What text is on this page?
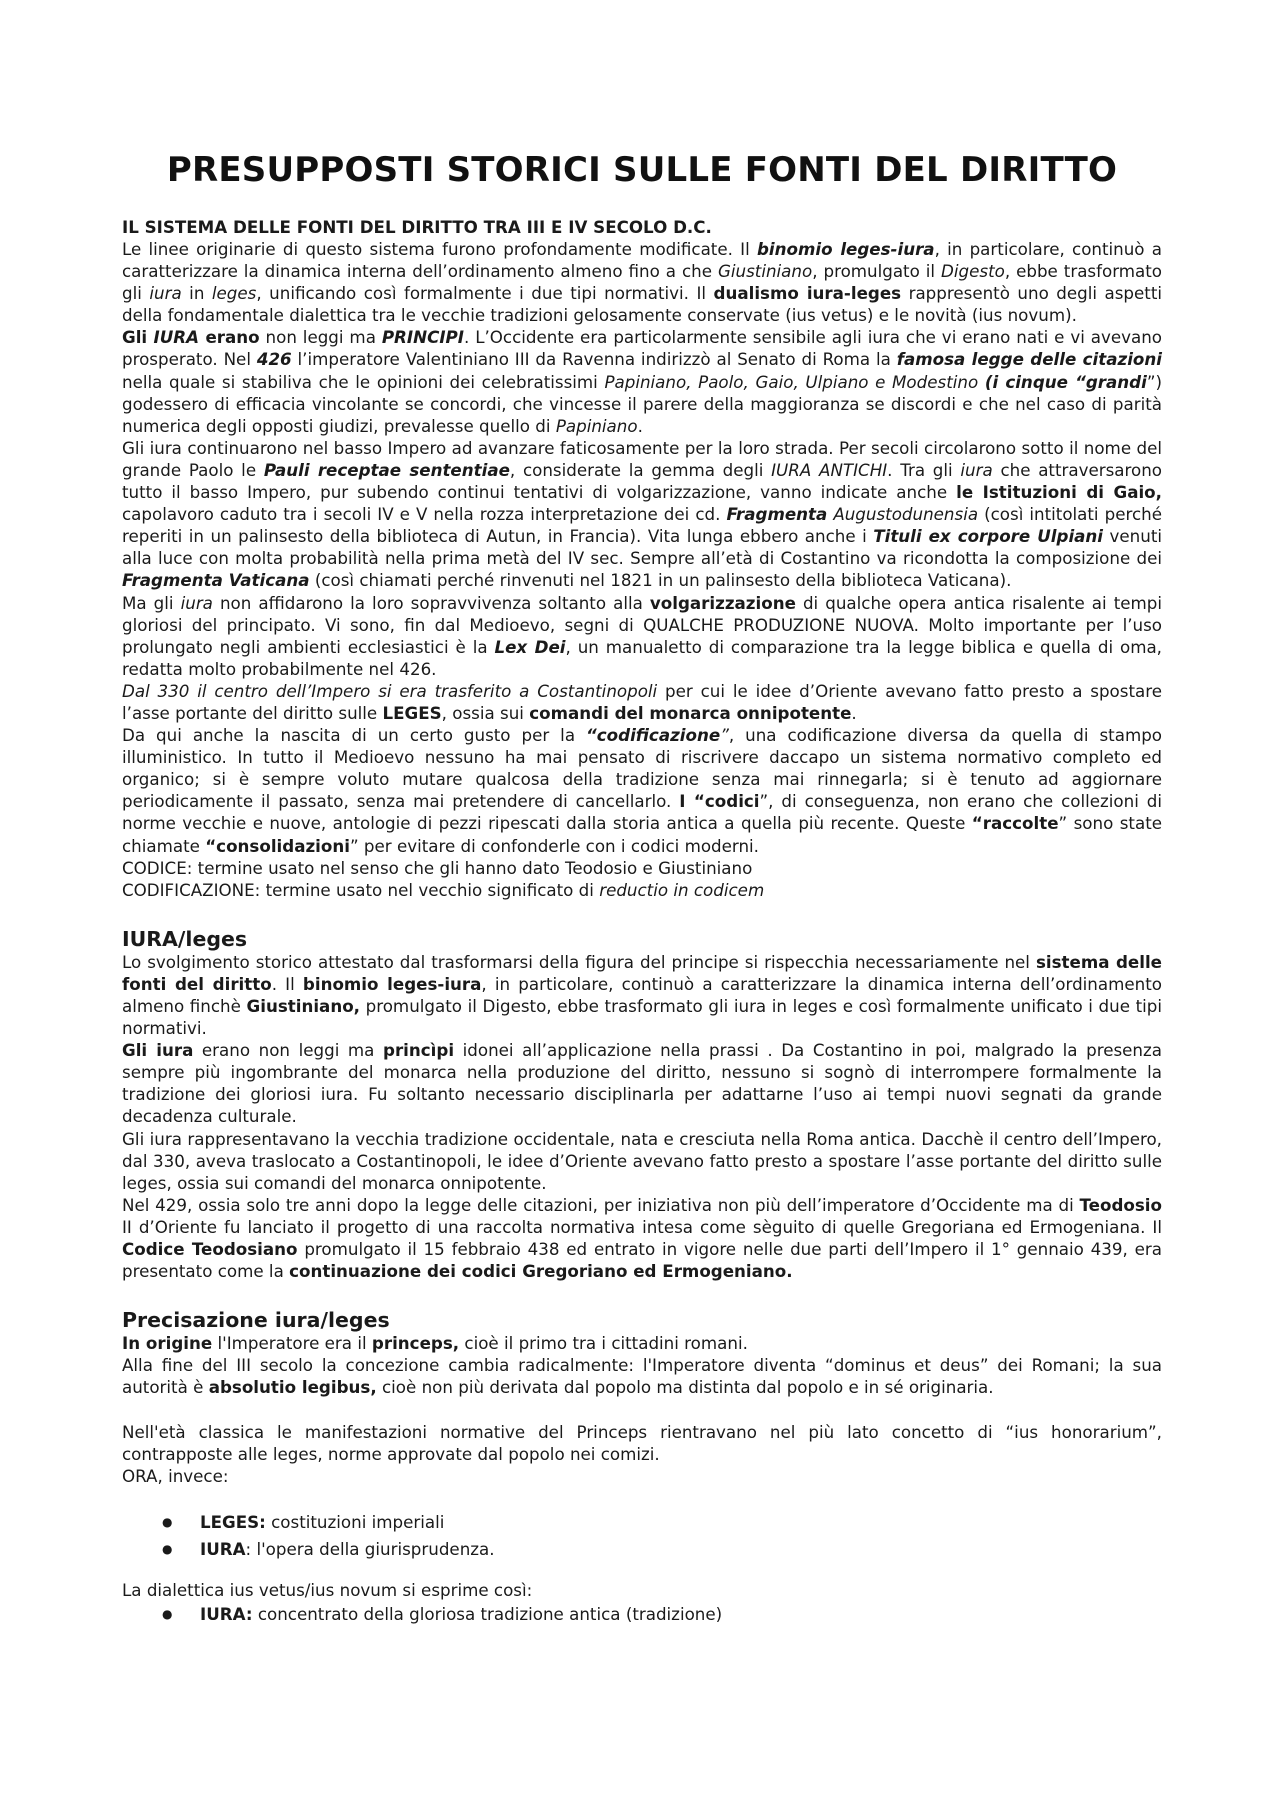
PRESUPPOSTI STORICI SULLE FONTI DEL DIRITTO
IL SISTEMA DELLE FONTI DEL DIRITTO TRA III E IV SECOLO D.C.

Le linee originarie di questo sistema furono profondamente modificate. Il binomio leges-iura, in particolare, continuò a caratterizzare la dinamica interna dell’ordinamento almeno fino a che Giustiniano, promulgato il Digesto, ebbe trasformato gli iura in leges, unificando così formalmente i due tipi normativi. Il dualismo iura-leges rappresentò uno degli aspetti della fondamentale dialettica tra le vecchie tradizioni gelosamente conservate (ius vetus) e le novità (ius novum).

Gli IURA erano non leggi ma PRINCIPI. L’Occidente era particolarmente sensibile agli iura che vi erano nati e vi avevano prosperato. Nel 426 l’imperatore Valentiniano III da Ravenna indirizzò al Senato di Roma la famosa legge delle citazioni nella quale si stabiliva che le opinioni dei celebratissimi Papiniano, Paolo, Gaio, Ulpiano e Modestino (i cinque “grandi”) godessero di efficacia vincolante se concordi, che vincesse il parere della maggioranza se discordi e che nel caso di parità numerica degli opposti giudizi, prevalesse quello di Papiniano.

Gli iura continuarono nel basso Impero ad avanzare faticosamente per la loro strada. Per secoli circolarono sotto il nome del grande Paolo le Pauli receptae sententiae, considerate la gemma degli IURA ANTICHI. Tra gli iura che attraversarono tutto il basso Impero, pur subendo continui tentativi di volgarizzazione, vanno indicate anche le Istituzioni di Gaio, capolavoro caduto tra i secoli IV e V nella rozza interpretazione dei cd. Fragmenta Augustodunensia (così intitolati perché reperiti in un palinsesto della biblioteca di Autun, in Francia). Vita lunga ebbero anche i Tituli ex corpore Ulpiani venuti alla luce con molta probabilità nella prima metà del IV sec. Sempre all’età di Costantino va ricondotta la composizione dei Fragmenta Vaticana (così chiamati perché rinvenuti nel 1821 in un palinsesto della biblioteca Vaticana).

Ma gli iura non affidarono la loro sopravvivenza soltanto alla volgarizzazione di qualche opera antica risalente ai tempi gloriosi del principato. Vi sono, fin dal Medioevo, segni di QUALCHE PRODUZIONE NUOVA. Molto importante per l’uso prolungato negli ambienti ecclesiastici è la Lex Dei, un manualetto di comparazione tra la legge biblica e quella di oma, redatta molto probabilmente nel 426.

Dal 330 il centro dell’Impero si era trasferito a Costantinopoli per cui le idee d’Oriente avevano fatto presto a spostare l’asse portante del diritto sulle LEGES, ossia sui comandi del monarca onnipotente.

Da qui anche la nascita di un certo gusto per la “codificazione”, una codificazione diversa da quella di stampo illuministico. In tutto il Medioevo nessuno ha mai pensato di riscrivere daccapo un sistema normativo completo ed organico; si è sempre voluto mutare qualcosa della tradizione senza mai rinnegarla; si è tenuto ad aggiornare periodicamente il passato, senza mai pretendere di cancellarlo. I “codici”, di conseguenza, non erano che collezioni di norme vecchie e nuove, antologie di pezzi ripescati dalla storia antica a quella più recente. Queste “raccolte” sono state chiamate “consolidazioni” per evitare di confonderle con i codici moderni.

CODICE: termine usato nel senso che gli hanno dato Teodosio e Giustiniano

CODIFICAZIONE: termine usato nel vecchio significato di reductio in codicem

IURA/leges

Lo svolgimento storico attestato dal trasformarsi della figura del principe si rispecchia necessariamente nel sistema delle fonti del diritto. Il binomio leges-iura, in particolare, continuò a caratterizzare la dinamica interna dell’ordinamento almeno finchè Giustiniano, promulgato il Digesto, ebbe trasformato gli iura in leges e così formalmente unificato i due tipi normativi.

Gli iura erano non leggi ma princìpi idonei all’applicazione nella prassi . Da Costantino in poi, malgrado la presenza sempre più ingombrante del monarca nella produzione del diritto, nessuno si sognò di interrompere formalmente la tradizione dei gloriosi iura. Fu soltanto necessario disciplinarla per adattarne l’uso ai tempi nuovi segnati da grande decadenza culturale.

Gli iura rappresentavano la vecchia tradizione occidentale, nata e cresciuta nella Roma antica. Dacchè il centro dell’Impero, dal 330, aveva traslocato a Costantinopoli, le idee d’Oriente avevano fatto presto a spostare l’asse portante del diritto sulle leges, ossia sui comandi del monarca onnipotente.

Nel 429, ossia solo tre anni dopo la legge delle citazioni, per iniziativa non più dell’imperatore d’Occidente ma di Teodosio II d’Oriente fu lanciato il progetto di una raccolta normativa intesa come sèguito di quelle Gregoriana ed Ermogeniana. Il Codice Teodosiano promulgato il 15 febbraio 438 ed entrato in vigore nelle due parti dell’Impero il 1° gennaio 439, era presentato come la continuazione dei codici Gregoriano ed Ermogeniano.

Precisazione iura/leges

In origine l'Imperatore era il princeps, cioè il primo tra i cittadini romani.

Alla fine del III secolo la concezione cambia radicalmente: l'Imperatore diventa “dominus et deus” dei Romani; la sua autorità è absolutio legibus, cioè non più derivata dal popolo ma distinta dal popolo e in sé originaria.

Nell'età classica le manifestazioni normative del Princeps rientravano nel più lato concetto di “ius honorarium”, contrapposte alle leges, norme approvate dal popolo nei comizi.

ORA, invece:

● LEGES: costituzioni imperiali
● IURA: l'opera della giurisprudenza.

La dialettica ius vetus/ius novum si esprime così:

● IURA: concentrato della gloriosa tradizione antica (tradizione)
